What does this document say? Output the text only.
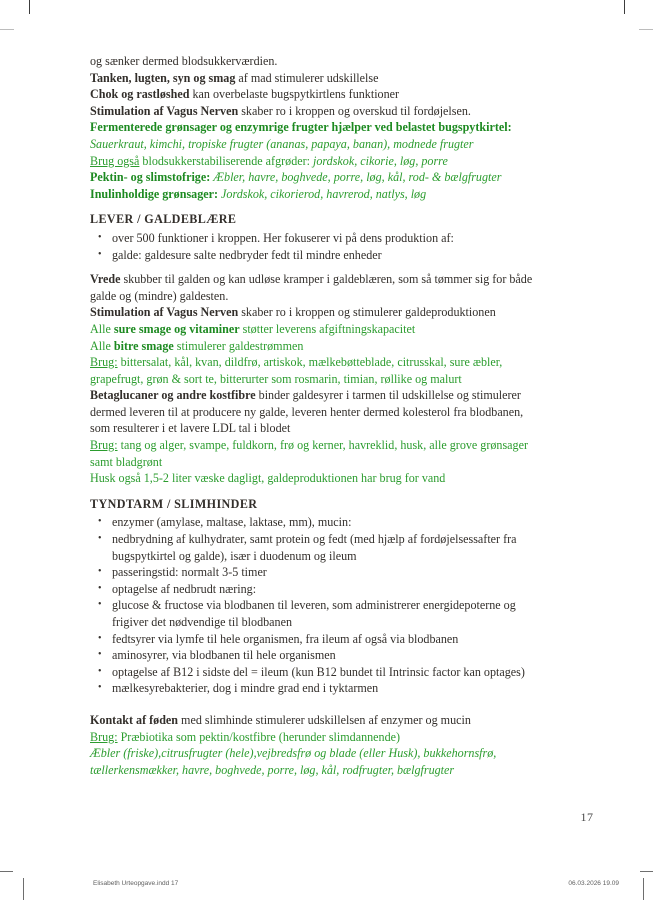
og sænker dermed blodsukkerværdien.
Tanken, lugten, syn og smag af mad stimulerer udskillelse
Chok og rastløshed kan overbelaste bugspytkirtlens funktioner
Stimulation af Vagus Nerven skaber ro i kroppen og overskud til fordøjelsen.
Fermenterede grønsager og enzymrige frugter hjælper ved belastet bugspytkirtel:
Sauerkraut, kimchi, tropiske frugter (ananas, papaya, banan), modnede frugter
Brug også blodsukkerstabiliserende afgrøder: jordskok, cikorie, løg, porre
Pektin- og slimstofrige: Æbler, havre, boghvede, porre, løg, kål, rod- & bælgfrugter
Inulinholdige grønsager: Jordskok, cikorierod, havrerod, natlys, løg
LEVER / GALDEBLÆRE
• over 500 funktioner i kroppen. Her fokuserer vi på dens produktion af:
• galde: galdesure salte nedbryder fedt til mindre enheder
Vrede skubber til galden og kan udløse kramper i galdeblæren, som så tømmer sig for både
galde og (mindre) galdesten.
Stimulation af Vagus Nerven skaber ro i kroppen og stimulerer galdeproduktionen
Alle sure smage og vitaminer støtter leverens afgiftningskapacitet
Alle bitre smage stimulerer galdestrømmen
Brug: bittersalat, kål, kvan, dildfrø, artiskok, mælkebøtteblade, citrusskal, sure æbler,
grapefrugt, grøn & sort te, bitterurter som rosmarin, timian, røllike og malurt
Betaglucaner og andre kostfibre binder galdesyrer i tarmen til udskillelse og stimulerer
dermed leveren til at producere ny galde, leveren henter dermed kolesterol fra blodbanen,
som resulterer i et lavere LDL tal i blodet
Brug: tang og alger, svampe, fuldkorn, frø og kerner, havreklid, husk, alle grove grønsager
samt bladgrønt
Husk også 1,5-2 liter væske dagligt, galdeproduktionen har brug for vand
TYNDTARM / SLIMHINDER
• enzymer (amylase, maltase, laktase, mm), mucin:
• nedbrydning af kulhydrater, samt protein og fedt (med hjælp af fordøjelsessafter fra
bugspytkirtel og galde), især i duodenum og ileum
• passeringstid: normalt 3-5 timer
• optagelse af nedbrudt næring:
• glucose & fructose via blodbanen til leveren, som administrerer energidepoterne og
frigiver det nødvendige til blodbanen
• fedtsyrer via lymfe til hele organismen, fra ileum af også via blodbanen
• aminosyrer, via blodbanen til hele organismen
• optagelse af B12 i sidste del = ileum (kun B12 bundet til Intrinsic factor kan optages)
• mælkesyrebakterier, dog i mindre grad end i tyktarmen
Kontakt af føden med slimhinde stimulerer udskillelsen af enzymer og mucin
Brug: Præbiotika som pektin/kostfibre (herunder slimdannende)
Æbler (friske),citrusfrugter (hele),vejbredsfrø og blade (eller Husk), bukkehornsfrø,
tællerkensmækker, havre, boghvede, porre, løg, kål, rodfrugter, bælgfrugter
17
Elisabeth Urteopgave.indd 17	06.03.2026 19.09
